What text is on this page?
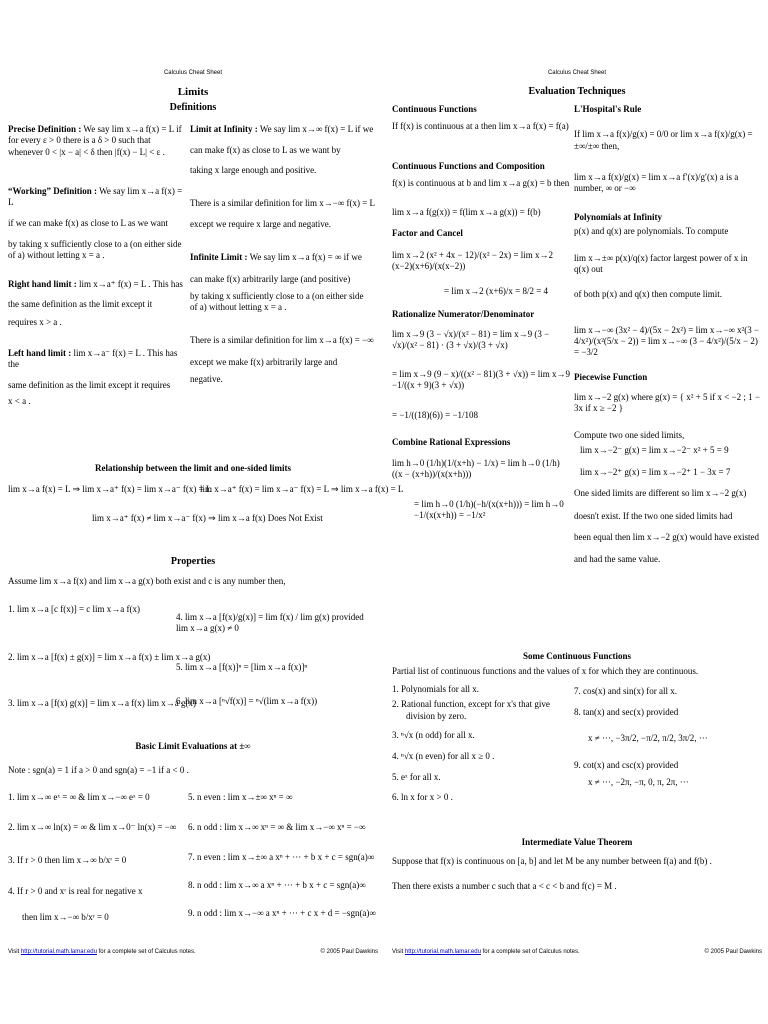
Calculus Cheat Sheet
Limits
Definitions

Precise Definition : We say lim x→a f(x) = L if

for every ε > 0 there is a δ > 0 such that

whenever 0 < |x − a| < δ then |f(x) − L| < ε .

“Working” Definition : We say lim x→a f(x) = L

if we can make f(x) as close to L as we want

by taking x sufficiently close to a (on either side

of a) without letting x = a .

Right hand limit : lim x→a⁺ f(x) = L . This has

the same definition as the limit except it

requires x > a .

Left hand limit : lim x→a⁻ f(x) = L . This has the

same definition as the limit except it requires

x < a .

Limit at Infinity : We say lim x→∞ f(x) = L if we

can make f(x) as close to L as we want by

taking x large enough and positive.

There is a similar definition for lim x→−∞ f(x) = L

except we require x large and negative.

Infinite Limit : We say lim x→a f(x) = ∞ if we

can make f(x) arbitrarily large (and positive)

by taking x sufficiently close to a (on either side

of a) without letting x = a .

There is a similar definition for lim x→a f(x) = −∞

except we make f(x) arbitrarily large and

negative.

Relationship between the limit and one-sided limits
lim x→a f(x) = L ⇒ lim x→a⁺ f(x) = lim x→a⁻ f(x) = L
lim x→a⁺ f(x) = lim x→a⁻ f(x) = L ⇒ lim x→a f(x) = L
lim x→a⁺ f(x) ≠ lim x→a⁻ f(x) ⇒ lim x→a f(x) Does Not Exist
Properties
Assume lim x→a f(x) and lim x→a g(x) both exist and c is any number then,
1. lim x→a [c f(x)] = c lim x→a f(x)
2. lim x→a [f(x) ± g(x)] = lim x→a f(x) ± lim x→a g(x)
3. lim x→a [f(x) g(x)] = lim x→a f(x) lim x→a g(x)
4. lim x→a [f(x)/g(x)] = lim f(x) / lim g(x) provided lim x→a g(x) ≠ 0
5. lim x→a [f(x)]ⁿ = [lim x→a f(x)]ⁿ
6. lim x→a [ⁿ√f(x)] = ⁿ√(lim x→a f(x))
Basic Limit Evaluations at ±∞
Note : sgn(a) = 1 if a > 0 and sgn(a) = −1 if a < 0 .
1. lim x→∞ eˣ = ∞ & lim x→−∞ eˣ = 0
2. lim x→∞ ln(x) = ∞ & lim x→0⁻ ln(x) = −∞
3. If r > 0 then lim x→∞ b/xʳ = 0
4. If r > 0 and xʳ is real for negative x
then lim x→−∞ b/xʳ = 0
5. n even : lim x→±∞ xⁿ = ∞
6. n odd : lim x→∞ xⁿ = ∞ & lim x→−∞ xⁿ = −∞
7. n even : lim x→±∞ a xⁿ + ··· + b x + c = sgn(a)∞
8. n odd : lim x→∞ a xⁿ + ··· + b x + c = sgn(a)∞
9. n odd : lim x→−∞ a xⁿ + ··· + c x + d = −sgn(a)∞
Visit http://tutorial.math.lamar.edu for a complete set of Calculus notes.	© 2005 Paul Dawkins
Calculus Cheat Sheet
Evaluation Techniques

Continuous Functions

If f(x) is continuous at a then lim x→a f(x) = f(a)

Continuous Functions and Composition

f(x) is continuous at b and lim x→a g(x) = b then

lim x→a f(g(x)) = f(lim x→a g(x)) = f(b)

Factor and Cancel

lim x→2 (x² + 4x − 12)/(x² − 2x) = lim x→2 (x−2)(x+6)/(x(x−2))

= lim x→2 (x+6)/x = 8/2 = 4

Rationalize Numerator/Denominator

lim x→9 (3 − √x)/(x² − 81) = lim x→9 (3 − √x)/(x² − 81) · (3 + √x)/(3 + √x)

= lim x→9 (9 − x)/((x² − 81)(3 + √x)) = lim x→9 −1/((x + 9)(3 + √x))

= −1/((18)(6)) = −1/108

Combine Rational Expressions

lim h→0 (1/h)(1/(x+h) − 1/x) = lim h→0 (1/h)((x − (x+h))/(x(x+h)))

= lim h→0 (1/h)(−h/(x(x+h))) = lim h→0 −1/(x(x+h)) = −1/x²

L'Hospital's Rule

If lim x→a f(x)/g(x) = 0/0 or lim x→a f(x)/g(x) = ±∞/±∞ then,

lim x→a f(x)/g(x) = lim x→a f′(x)/g′(x) a is a number, ∞ or −∞

Polynomials at Infinity

p(x) and q(x) are polynomials. To compute

lim x→±∞ p(x)/q(x) factor largest power of x in q(x) out

of both p(x) and q(x) then compute limit.

lim x→−∞ (3x² − 4)/(5x − 2x²) = lim x→−∞ x²(3 − 4/x²)/(x²(5/x − 2)) = lim x→−∞ (3 − 4/x²)/(5/x − 2) = −3/2

Piecewise Function

lim x→−2 g(x) where g(x) = { x² + 5 if x < −2 ; 1 − 3x if x ≥ −2 }

Compute two one sided limits,

lim x→−2⁻ g(x) = lim x→−2⁻ x² + 5 = 9

lim x→−2⁺ g(x) = lim x→−2⁺ 1 − 3x = 7

One sided limits are different so lim x→−2 g(x)

doesn't exist. If the two one sided limits had

been equal then lim x→−2 g(x) would have existed

and had the same value.

Some Continuous Functions
Partial list of continuous functions and the values of x for which they are continuous.

1. Polynomials for all x.

2. Rational function, except for x's that give

division by zero.

3. ⁿ√x (n odd) for all x.

4. ⁿ√x (n even) for all x ≥ 0 .

5. eˣ for all x.

6. ln x for x > 0 .

7. cos(x) and sin(x) for all x.

8. tan(x) and sec(x) provided

x ≠ ···, −3π/2, −π/2, π/2, 3π/2, ···

9. cot(x) and csc(x) provided

x ≠ ···, −2π, −π, 0, π, 2π, ···

Intermediate Value Theorem
Suppose that f(x) is continuous on [a, b] and let M be any number between f(a) and f(b) .
Then there exists a number c such that a < c < b and f(c) = M .
Visit http://tutorial.math.lamar.edu for a complete set of Calculus notes.	© 2005 Paul Dawkins
